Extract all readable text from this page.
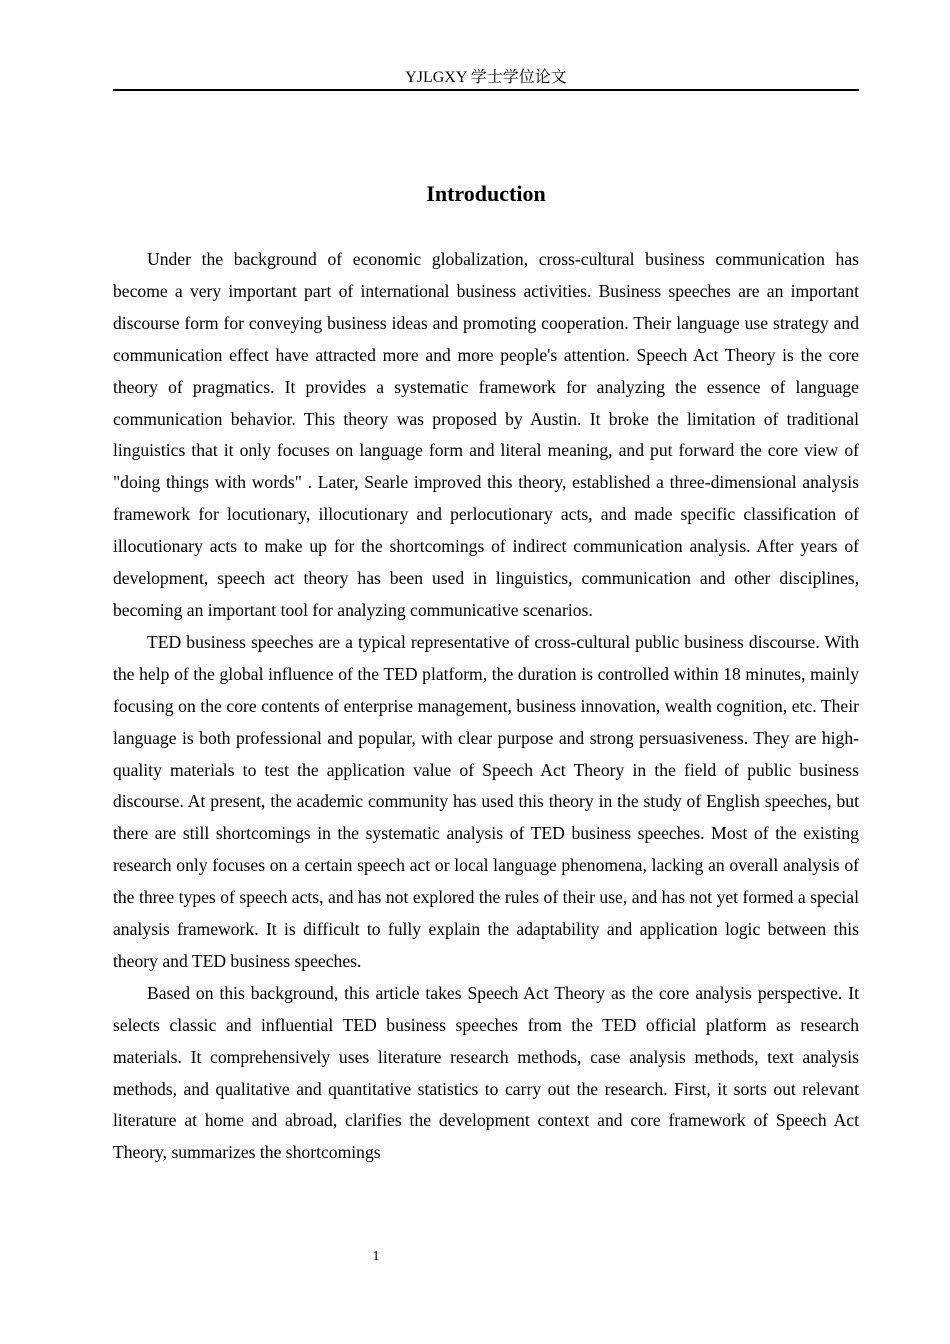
YJLGXY 学士学位论文
Introduction

Under the background of economic globalization, cross-cultural business communication has become a very important part of international business activities. Business speeches are an important discourse form for conveying business ideas and promoting cooperation. Their language use strategy and communication effect have attracted more and more people's attention. Speech Act Theory is the core theory of pragmatics. It provides a systematic framework for analyzing the essence of language communication behavior. This theory was proposed by Austin. It broke the limitation of traditional linguistics that it only focuses on language form and literal meaning, and put forward the core view of "doing things with words" . Later, Searle improved this theory, established a three-dimensional analysis framework for locutionary, illocutionary and perlocutionary acts, and made specific classification of illocutionary acts to make up for the shortcomings of indirect communication analysis. After years of development, speech act theory has been used in linguistics, communication and other disciplines, becoming an important tool for analyzing communicative scenarios.

TED business speeches are a typical representative of cross-cultural public business discourse. With the help of the global influence of the TED platform, the duration is controlled within 18 minutes, mainly focusing on the core contents of enterprise management, business innovation, wealth cognition, etc. Their language is both professional and popular, with clear purpose and strong persuasiveness. They are high-quality materials to test the application value of Speech Act Theory in the field of public business discourse. At present, the academic community has used this theory in the study of English speeches, but there are still shortcomings in the systematic analysis of TED business speeches. Most of the existing research only focuses on a certain speech act or local language phenomena, lacking an overall analysis of the three types of speech acts, and has not explored the rules of their use, and has not yet formed a special analysis framework. It is difficult to fully explain the adaptability and application logic between this theory and TED business speeches.

Based on this background, this article takes Speech Act Theory as the core analysis perspective. It selects classic and influential TED business speeches from the TED official platform as research materials. It comprehensively uses literature research methods, case analysis methods, text analysis methods, and qualitative and quantitative statistics to carry out the research. First, it sorts out relevant literature at home and abroad, clarifies the development context and core framework of Speech Act Theory, summarizes the shortcomings

1
